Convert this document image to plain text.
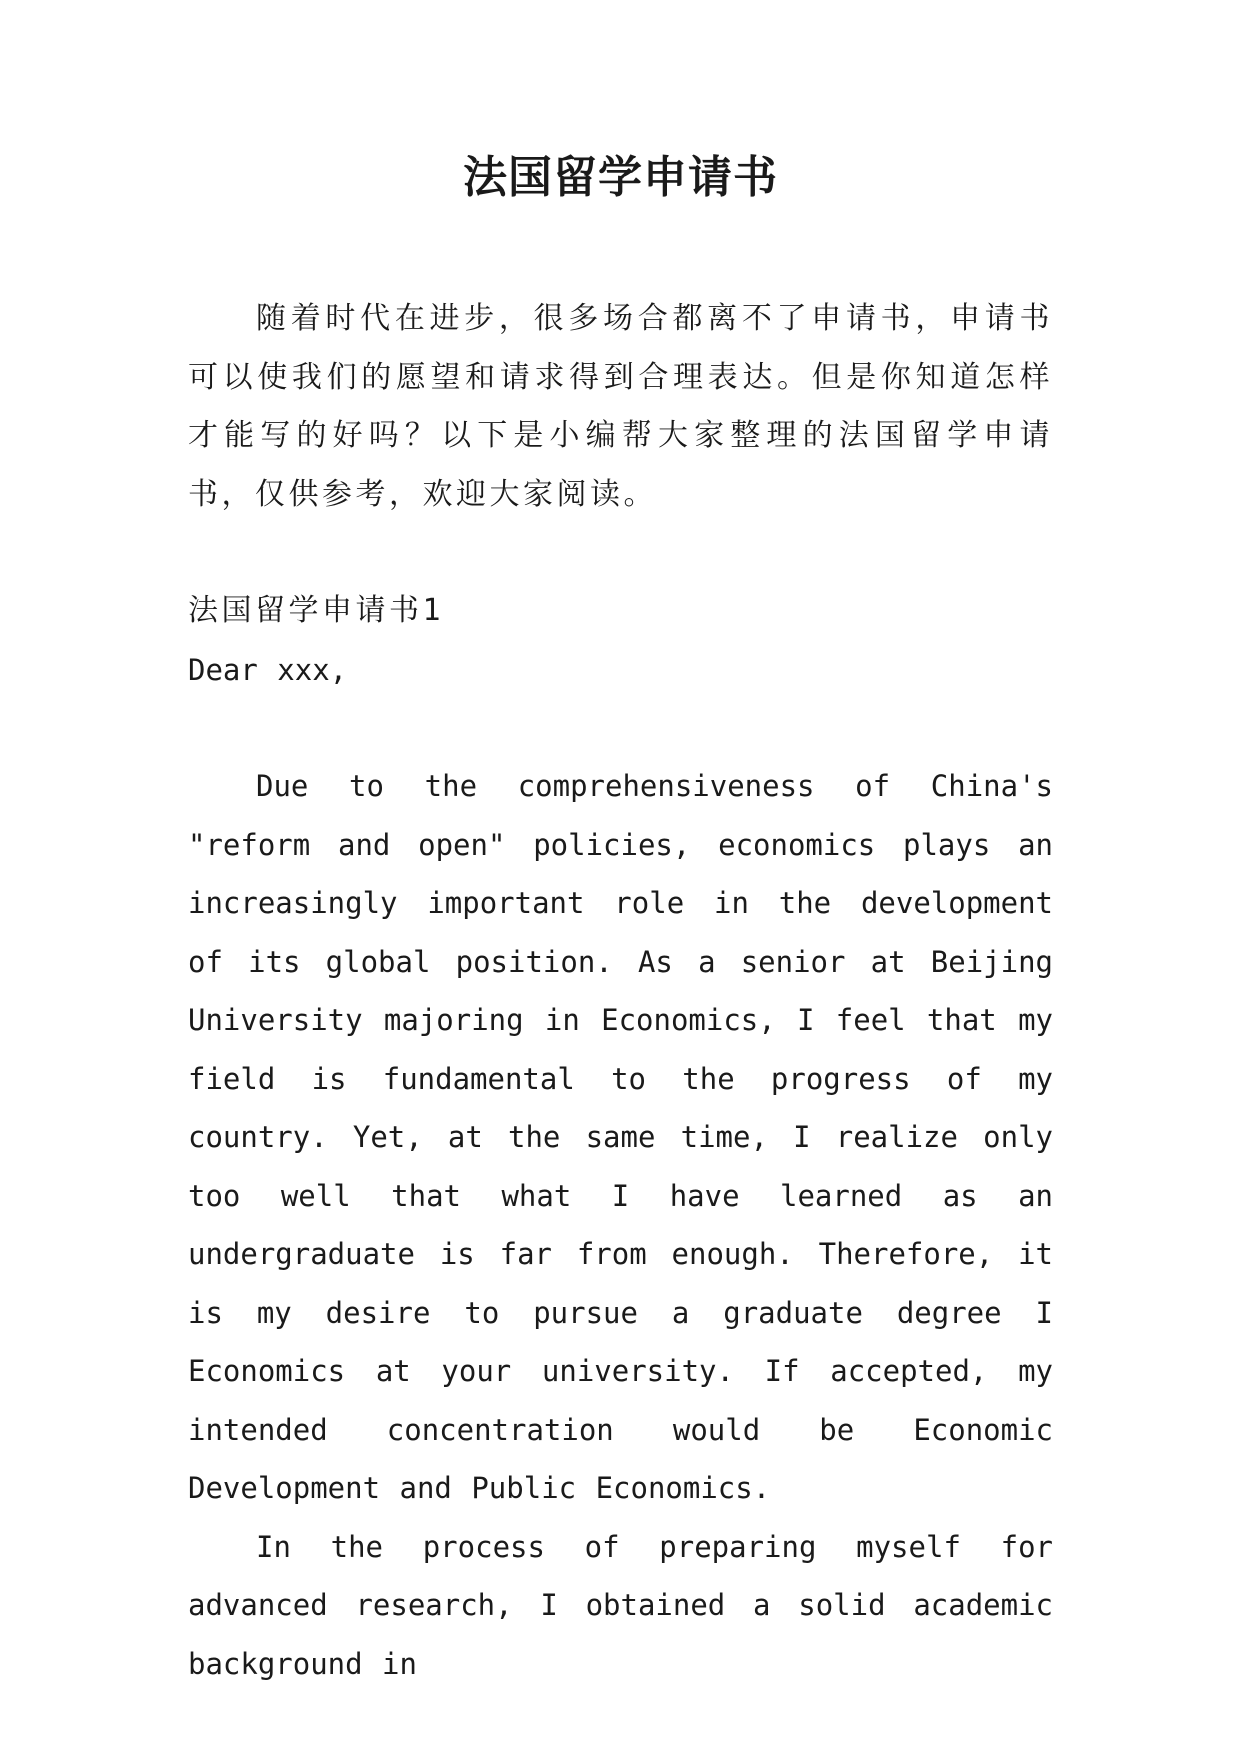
法国留学申请书

随着时代在进步，很多场合都离不了申请书，申请书可以使我们的愿望和请求得到合理表达。但是你知道怎样才能写的好吗？以下是小编帮大家整理的法国留学申请书，仅供参考，欢迎大家阅读。

法国留学申请书1

Dear xxx,

Due to the comprehensiveness of China's "reform and open" policies, economics plays an increasingly important role in the development of its global position. As a senior at Beijing University majoring in Economics, I feel that my field is fundamental to the progress of my country. Yet, at the same time, I realize only too well that what I have learned as an undergraduate is far from enough. Therefore, it is my desire to pursue a graduate degree I Economics at your university. If accepted, my intended concentration would be Economic Development and Public Economics.

In the process of preparing myself for advanced research, I obtained a solid academic background in
